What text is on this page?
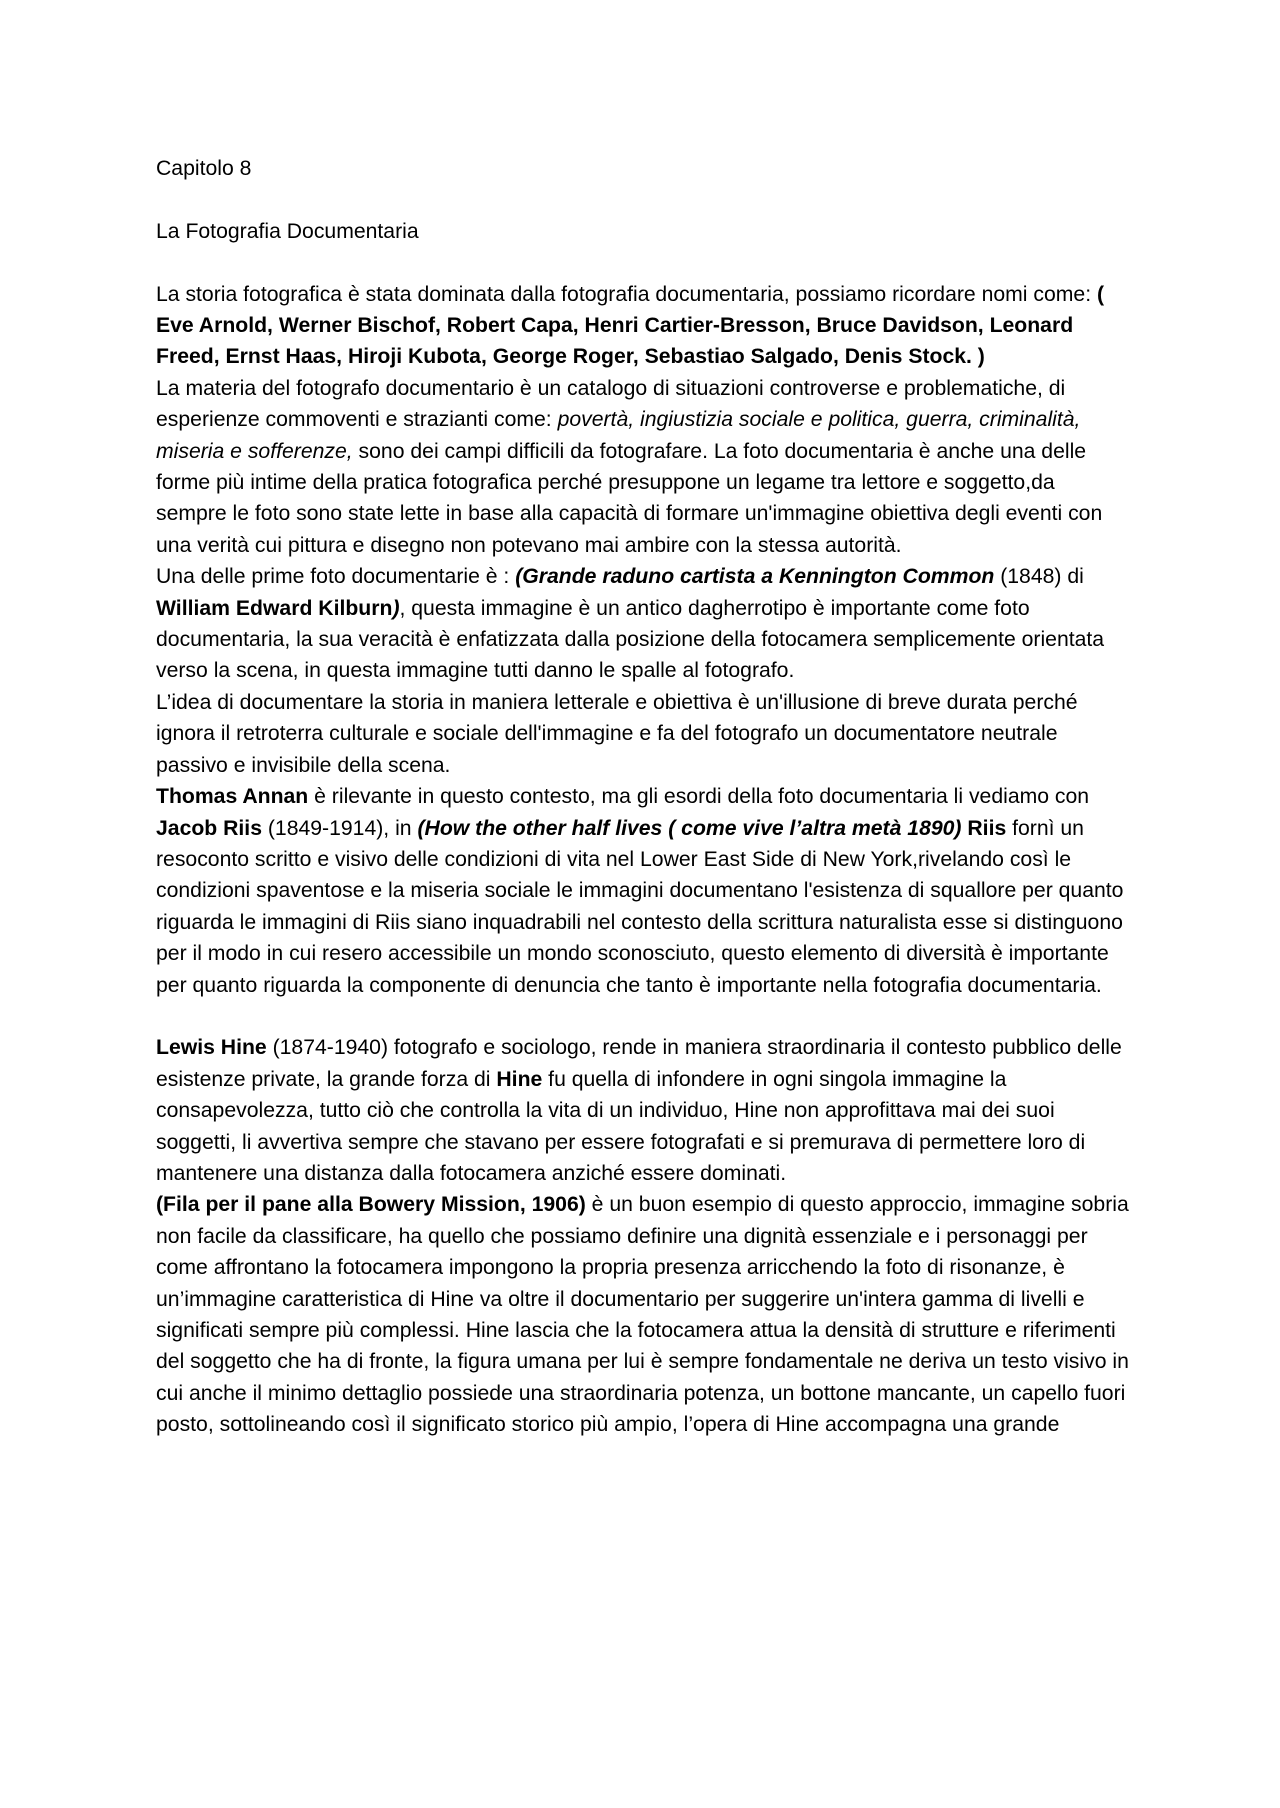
Capitolo 8

La Fotografia Documentaria

La storia fotografica è stata dominata dalla fotografia documentaria, possiamo ricordare nomi come: ( Eve Arnold, Werner Bischof, Robert Capa, Henri Cartier-Bresson, Bruce Davidson, Leonard Freed, Ernst Haas, Hiroji Kubota, George Roger, Sebastiao Salgado, Denis Stock. )

La materia del fotografo documentario è un catalogo di situazioni controverse e problematiche, di esperienze commoventi e strazianti come: povertà, ingiustizia sociale e politica, guerra, criminalità, miseria e sofferenze, sono dei campi difficili da fotografare. La foto documentaria è anche una delle forme più intime della pratica fotografica perché presuppone un legame tra lettore e soggetto,da sempre le foto sono state lette in base alla capacità di formare un'immagine obiettiva degli eventi con una verità cui pittura e disegno non potevano mai ambire con la stessa autorità.

Una delle prime foto documentarie è : (Grande raduno cartista a Kennington Common (1848) di William Edward Kilburn), questa immagine è un antico dagherrotipo è importante come foto documentaria, la sua veracità è enfatizzata dalla posizione della fotocamera semplicemente orientata verso la scena, in questa immagine tutti danno le spalle al fotografo.

L’idea di documentare la storia in maniera letterale e obiettiva è un'illusione di breve durata perché ignora il retroterra culturale e sociale dell'immagine e fa del fotografo un documentatore neutrale passivo e invisibile della scena.

Thomas Annan è rilevante in questo contesto, ma gli esordi della foto documentaria li vediamo con Jacob Riis (1849-1914), in (How the other half lives ( come vive l’altra metà 1890) Riis fornì un resoconto scritto e visivo delle condizioni di vita nel Lower East Side di New York,rivelando così le condizioni spaventose e la miseria sociale le immagini documentano l'esistenza di squallore per quanto riguarda le immagini di Riis siano inquadrabili nel contesto della scrittura naturalista esse si distinguono per il modo in cui resero accessibile un mondo sconosciuto, questo elemento di diversità è importante per quanto riguarda la componente di denuncia che tanto è importante nella fotografia documentaria.

Lewis Hine (1874-1940) fotografo e sociologo, rende in maniera straordinaria il contesto pubblico delle esistenze private, la grande forza di Hine fu quella di infondere in ogni singola immagine la consapevolezza, tutto ciò che controlla la vita di un individuo, Hine non approfittava mai dei suoi soggetti, li avvertiva sempre che stavano per essere fotografati e si premurava di permettere loro di mantenere una distanza dalla fotocamera anziché essere dominati.

(Fila per il pane alla Bowery Mission, 1906) è un buon esempio di questo approccio, immagine sobria non facile da classificare, ha quello che possiamo definire una dignità essenziale e i personaggi per come affrontano la fotocamera impongono la propria presenza arricchendo la foto di risonanze, è un’immagine caratteristica di Hine va oltre il documentario per suggerire un'intera gamma di livelli e significati sempre più complessi. Hine lascia che la fotocamera attua la densità di strutture e riferimenti del soggetto che ha di fronte, la figura umana per lui è sempre fondamentale ne deriva un testo visivo in cui anche il minimo dettaglio possiede una straordinaria potenza, un bottone mancante, un capello fuori posto, sottolineando così il significato storico più ampio, l’opera di Hine accompagna una grande
